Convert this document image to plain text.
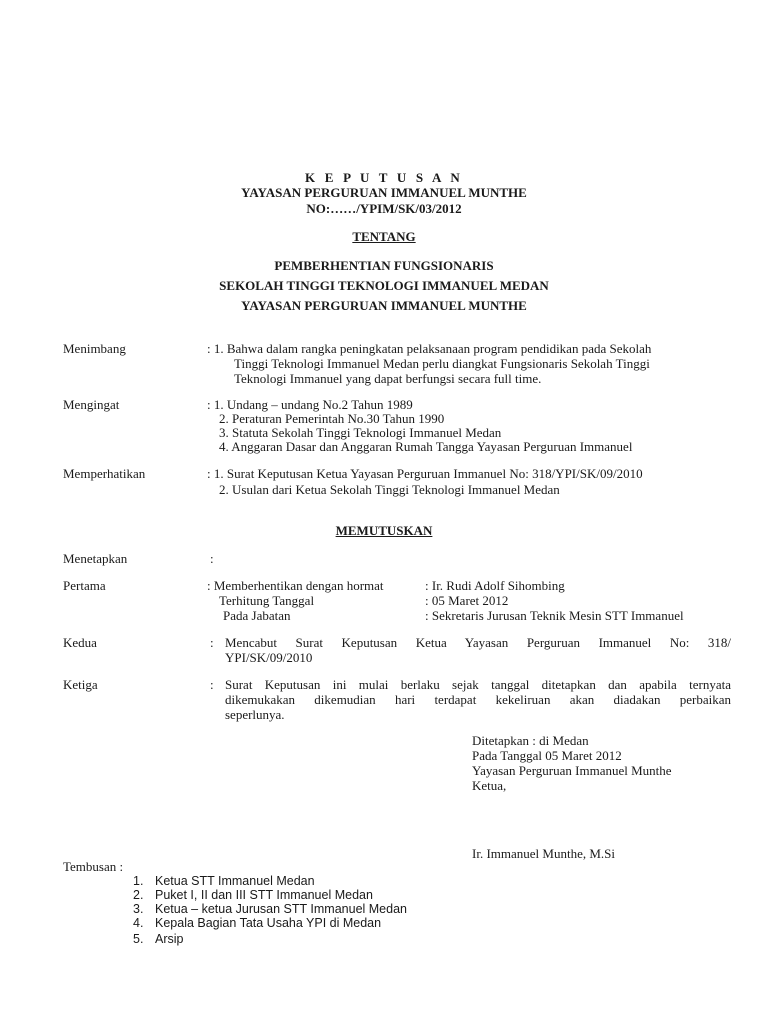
K E P U T U S A N
YAYASAN PERGURUAN IMMANUEL MUNTHE
NO:……/YPIM/SK/03/2012
TENTANG
PEMBERHENTIAN FUNGSIONARIS
SEKOLAH TINGGI TEKNOLOGI IMMANUEL MEDAN
YAYASAN PERGURUAN IMMANUEL MUNTHE
Menimbang	: 1. Bahwa dalam rangka peningkatan pelaksanaan program pendidikan pada Sekolah
Tinggi Teknologi Immanuel Medan perlu diangkat Fungsionaris Sekolah Tinggi
Teknologi Immanuel yang dapat berfungsi secara full time.
Mengingat	: 1. Undang – undang No.2 Tahun 1989
2. Peraturan Pemerintah No.30 Tahun 1990
3. Statuta Sekolah Tinggi Teknologi Immanuel Medan
4. Anggaran Dasar dan Anggaran Rumah Tangga Yayasan Perguruan Immanuel
Memperhatikan	: 1. Surat Keputusan Ketua Yayasan Perguruan Immanuel No: 318/YPI/SK/09/2010
2. Usulan dari Ketua Sekolah Tinggi Teknologi Immanuel Medan
MEMUTUSKAN
Menetapkan	:
Pertama	: Memberhentikan dengan hormat	: Ir. Rudi Adolf Sihombing
Terhitung Tanggal	: 05 Maret 2012
Pada Jabatan	: Sekretaris Jurusan Teknik Mesin STT Immanuel
Kedua	: Mencabut Surat Keputusan Ketua Yayasan Perguruan Immanuel No: 318/
YPI/SK/09/2010
Ketiga	: Surat Keputusan ini mulai berlaku sejak tanggal ditetapkan dan apabila ternyata
dikemukakan dikemudian hari terdapat kekeliruan akan diadakan perbaikan
seperlunya.
Ditetapkan : di Medan
Pada Tanggal 05 Maret 2012
Yayasan Perguruan Immanuel Munthe
Ketua,
Ir. Immanuel Munthe, M.Si
Tembusan :
1. Ketua STT Immanuel Medan
2. Puket I, II dan III STT Immanuel Medan
3. Ketua – ketua Jurusan STT Immanuel Medan
4. Kepala Bagian Tata Usaha YPI di Medan
5. Arsip
